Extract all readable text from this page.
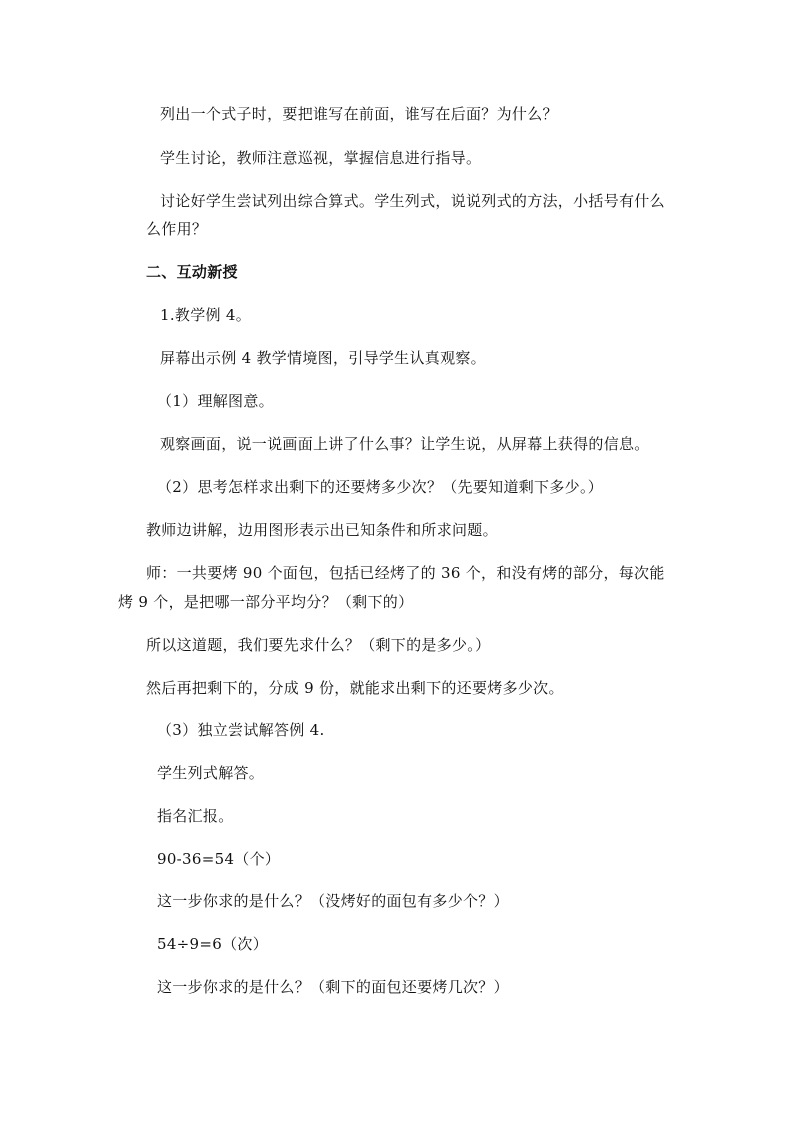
列出一个式子时，要把谁写在前面，谁写在后面？为什么？

学生讨论，教师注意巡视，掌握信息进行指导。

讨论好学生尝试列出综合算式。学生列式，说说列式的方法，小括号有什么

么作用？

二、互动新授

1.教学例 4。

屏幕出示例 4 教学情境图，引导学生认真观察。

（1）理解图意。

观察画面，说一说画面上讲了什么事？让学生说，从屏幕上获得的信息。

（2）思考怎样求出剩下的还要烤多少次？（先要知道剩下多少。）

教师边讲解，边用图形表示出已知条件和所求问题。

师：一共要烤 90 个面包，包括已经烤了的 36 个，和没有烤的部分，每次能

烤 9 个，是把哪一部分平均分？（剩下的）

所以这道题，我们要先求什么？（剩下的是多少。）

然后再把剩下的，分成 9 份，就能求出剩下的还要烤多少次。

（3）独立尝试解答例 4.

学生列式解答。

指名汇报。

90-36=54（个）

这一步你求的是什么？（没烤好的面包有多少个？）

54÷9=6（次）

这一步你求的是什么？（剩下的面包还要烤几次？）
